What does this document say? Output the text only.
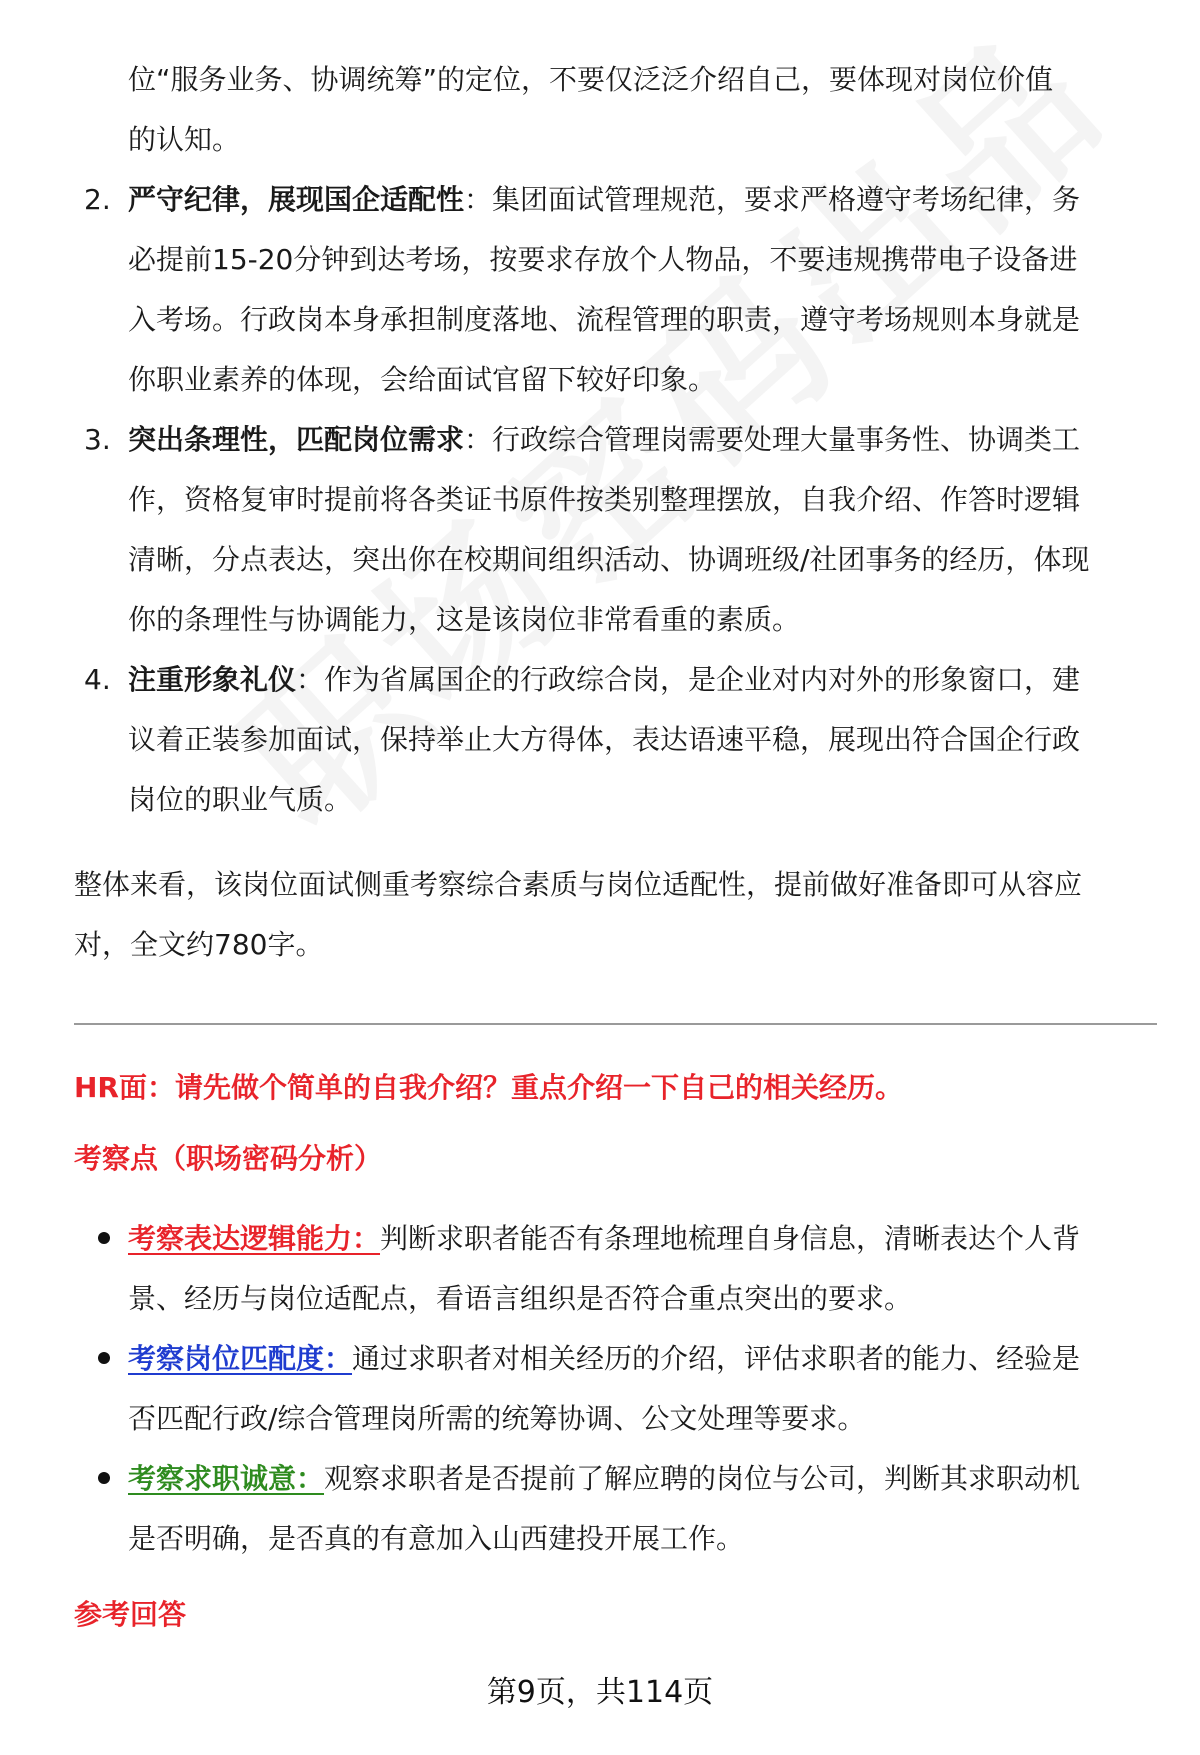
位“服务业务、协调统筹”的定位，不要仅泛泛介绍自己，要体现对岗位价值

的认知。

2. 严守纪律，展现国企适配性：集团面试管理规范，要求严格遵守考场纪律，务

必提前15-20分钟到达考场，按要求存放个人物品，不要违规携带电子设备进

入考场。行政岗本身承担制度落地、流程管理的职责，遵守考场规则本身就是

你职业素养的体现，会给面试官留下较好印象。

3. 突出条理性，匹配岗位需求：行政综合管理岗需要处理大量事务性、协调类工

作，资格复审时提前将各类证书原件按类别整理摆放，自我介绍、作答时逻辑

清晰，分点表达，突出你在校期间组织活动、协调班级/社团事务的经历，体现

你的条理性与协调能力，这是该岗位非常看重的素质。

4. 注重形象礼仪：作为省属国企的行政综合岗，是企业对内对外的形象窗口，建

议着正装参加面试，保持举止大方得体，表达语速平稳，展现出符合国企行政

岗位的职业气质。

整体来看，该岗位面试侧重考察综合素质与岗位适配性，提前做好准备即可从容应

对，全文约780字。

HR面：请先做个简单的自我介绍？重点介绍一下自己的相关经历。

考察点（职场密码分析）

考察表达逻辑能力：判断求职者能否有条理地梳理自身信息，清晰表达个人背

景、经历与岗位适配点，看语言组织是否符合重点突出的要求。

考察岗位匹配度：通过求职者对相关经历的介绍，评估求职者的能力、经验是

否匹配行政/综合管理岗所需的统筹协调、公文处理等要求。

考察求职诚意：观察求职者是否提前了解应聘的岗位与公司，判断其求职动机

是否明确，是否真的有意加入山西建投开展工作。

参考回答

第9页，共114页
